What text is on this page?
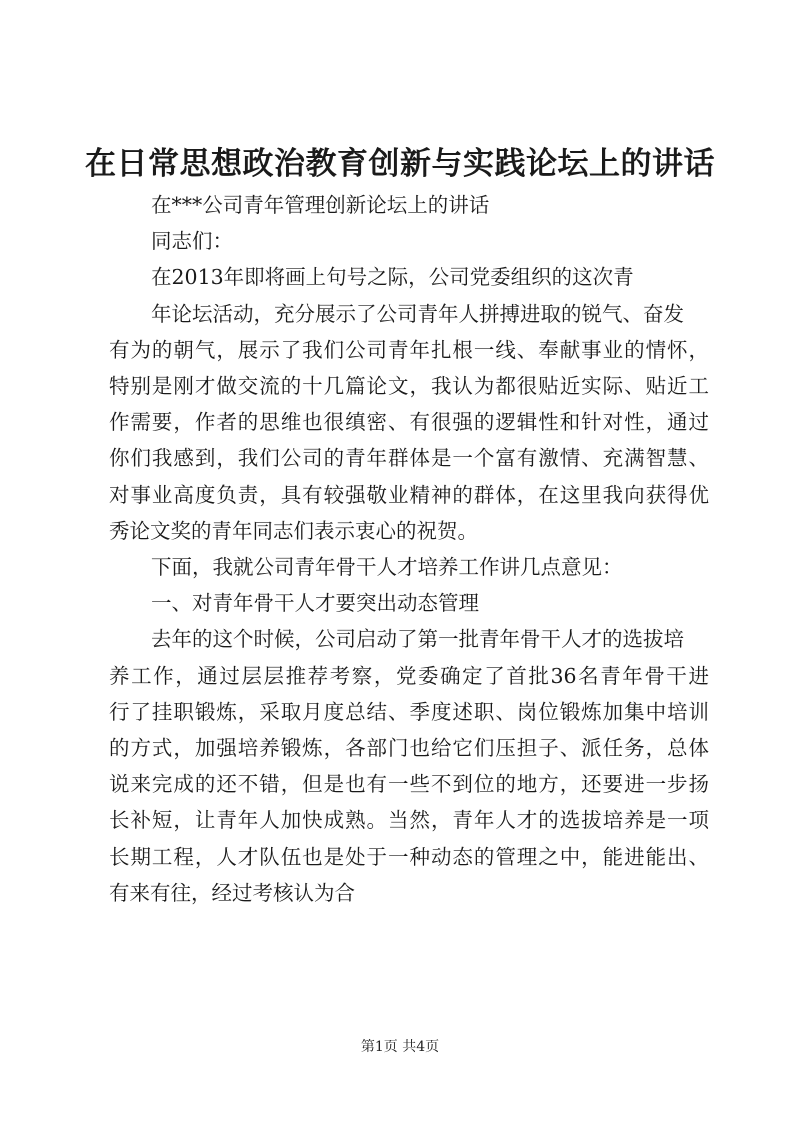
在日常思想政治教育创新与实践论坛上的讲话
在***公司青年管理创新论坛上的讲话
同志们：
在2013年即将画上句号之际，公司党委组织的这次青
年论坛活动，充分展示了公司青年人拼搏进取的锐气、奋发
有为的朝气，展示了我们公司青年扎根一线、奉献事业的情怀，
特别是刚才做交流的十几篇论文，我认为都很贴近实际、贴近工
作需要，作者的思维也很缜密、有很强的逻辑性和针对性，通过
你们我感到，我们公司的青年群体是一个富有激情、充满智慧、
对事业高度负责，具有较强敬业精神的群体，在这里我向获得优
秀论文奖的青年同志们表示衷心的祝贺。
下面，我就公司青年骨干人才培养工作讲几点意见：
一、对青年骨干人才要突出动态管理
去年的这个时候，公司启动了第一批青年骨干人才的选拔培
养工作，通过层层推荐考察，党委确定了首批36名青年骨干进
行了挂职锻炼，采取月度总结、季度述职、岗位锻炼加集中培训
的方式，加强培养锻炼，各部门也给它们压担子、派任务，总体
说来完成的还不错，但是也有一些不到位的地方，还要进一步扬
长补短，让青年人加快成熟。当然，青年人才的选拔培养是一项
长期工程，人才队伍也是处于一种动态的管理之中，能进能出、
有来有往，经过考核认为合
第1页 共4页
